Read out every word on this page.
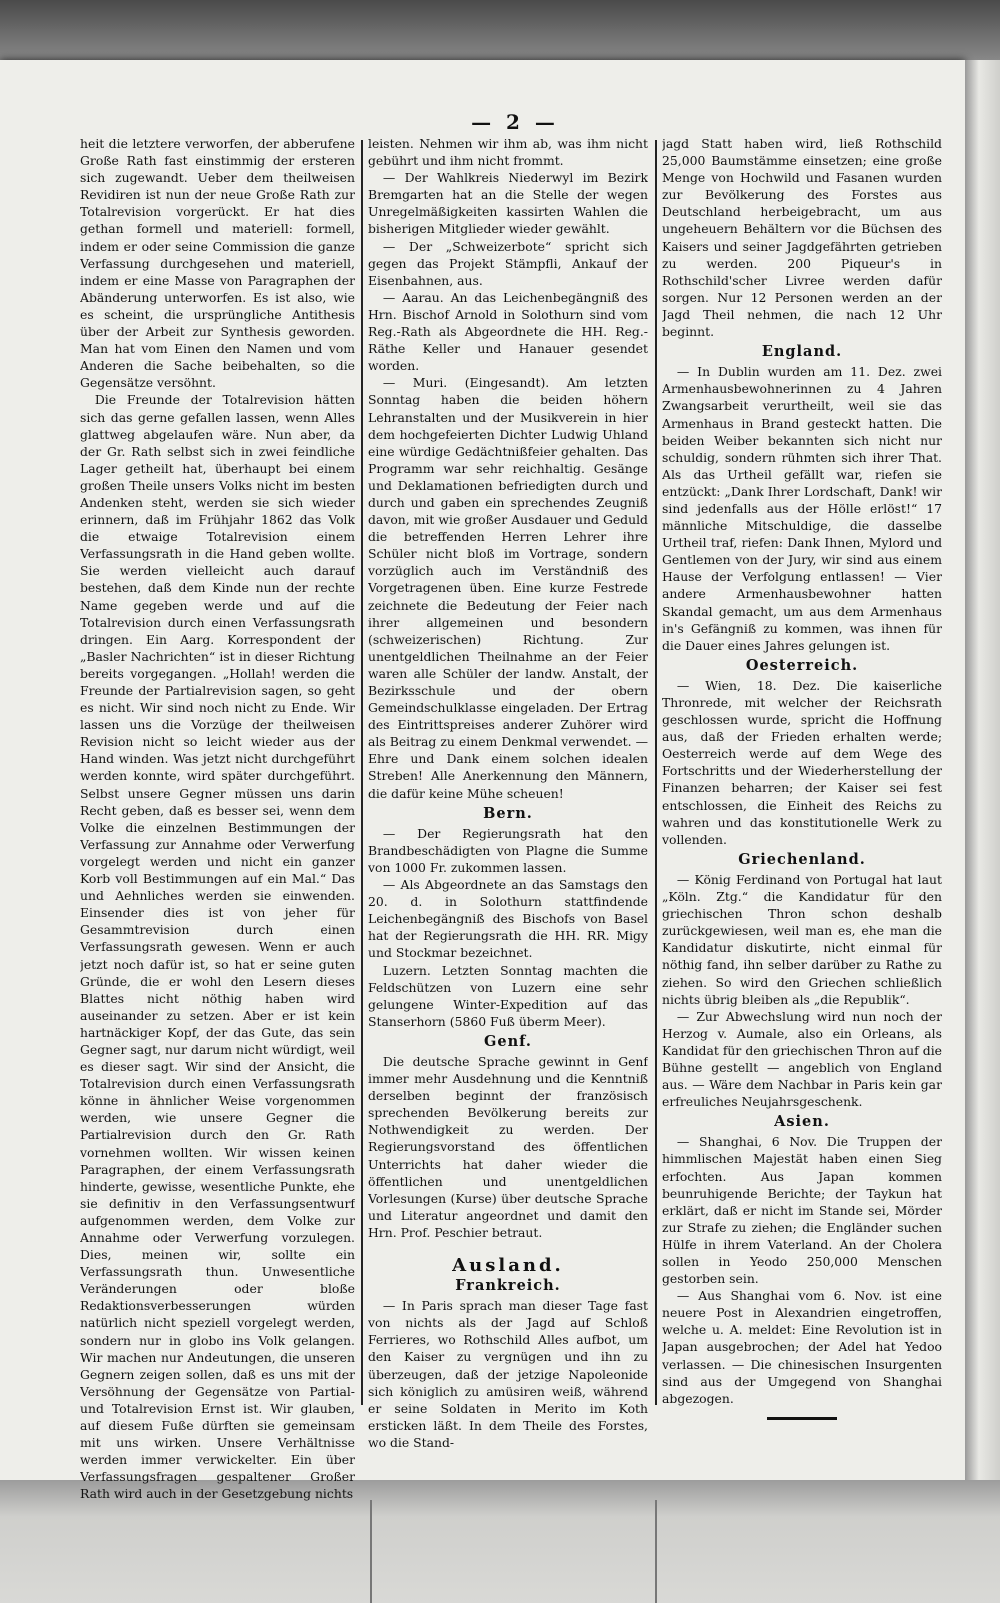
— 2 —

heit die letztere verworfen, der abberufene Große Rath fast einstimmig der ersteren sich zugewandt. Ueber dem theilweisen Revidiren ist nun der neue Große Rath zur Totalrevision vorgerückt. Er hat dies gethan formell und materiell: formell, indem er oder seine Commission die ganze Verfassung durchgesehen und materiell, indem er eine Masse von Paragraphen der Abänderung unterworfen. Es ist also, wie es scheint, die ursprüngliche Antithesis über der Arbeit zur Synthesis geworden. Man hat vom Einen den Namen und vom Anderen die Sache beibehalten, so die Gegensätze versöhnt.

Die Freunde der Totalrevision hätten sich das gerne gefallen lassen, wenn Alles glattweg abgelaufen wäre. Nun aber, da der Gr. Rath selbst sich in zwei feindliche Lager getheilt hat, überhaupt bei einem großen Theile unsers Volks nicht im besten Andenken steht, werden sie sich wieder erinnern, daß im Frühjahr 1862 das Volk die etwaige Totalrevision einem Verfassungsrath in die Hand geben wollte. Sie werden vielleicht auch darauf bestehen, daß dem Kinde nun der rechte Name gegeben werde und auf die Totalrevision durch einen Verfassungsrath dringen. Ein Aarg. Korrespondent der „Basler Nachrichten“ ist in dieser Richtung bereits vorgegangen. „Hollah! werden die Freunde der Partialrevision sagen, so geht es nicht. Wir sind noch nicht zu Ende. Wir lassen uns die Vorzüge der theilweisen Revision nicht so leicht wieder aus der Hand winden. Was jetzt nicht durchgeführt werden konnte, wird später durchgeführt. Selbst unsere Gegner müssen uns darin Recht geben, daß es besser sei, wenn dem Volke die einzelnen Bestimmungen der Verfassung zur Annahme oder Verwerfung vorgelegt werden und nicht ein ganzer Korb voll Bestimmungen auf ein Mal.“ Das und Aehnliches werden sie einwenden. Einsender dies ist von jeher für Gesammtrevision durch einen Verfassungsrath gewesen. Wenn er auch jetzt noch dafür ist, so hat er seine guten Gründe, die er wohl den Lesern dieses Blattes nicht nöthig haben wird auseinander zu setzen. Aber er ist kein hartnäckiger Kopf, der das Gute, das sein Gegner sagt, nur darum nicht würdigt, weil es dieser sagt. Wir sind der Ansicht, die Totalrevision durch einen Verfassungsrath könne in ähnlicher Weise vorgenommen werden, wie unsere Gegner die Partialrevision durch den Gr. Rath vornehmen wollten. Wir wissen keinen Paragraphen, der einem Verfassungsrath hinderte, gewisse, wesentliche Punkte, ehe sie definitiv in den Verfassungsentwurf aufgenommen werden, dem Volke zur Annahme oder Verwerfung vorzulegen. Dies, meinen wir, sollte ein Verfassungsrath thun. Unwesentliche Veränderungen oder bloße Redaktionsverbesserungen würden natürlich nicht speziell vorgelegt werden, sondern nur in globo ins Volk gelangen. Wir machen nur Andeutungen, die unseren Gegnern zeigen sollen, daß es uns mit der Versöhnung der Gegensätze von Partial- und Totalrevision Ernst ist. Wir glauben, auf diesem Fuße dürften sie gemeinsam mit uns wirken. Unsere Verhältnisse werden immer verwickelter. Ein über Verfassungsfragen gespaltener Großer Rath wird auch in der Gesetzgebung nichts

leisten. Nehmen wir ihm ab, was ihm nicht gebührt und ihm nicht frommt.

— Der Wahlkreis Niederwyl im Bezirk Bremgarten hat an die Stelle der wegen Unregelmäßigkeiten kassirten Wahlen die bisherigen Mitglieder wieder gewählt.

— Der „Schweizerbote“ spricht sich gegen das Projekt Stämpfli, Ankauf der Eisenbahnen, aus.

— Aarau. An das Leichenbegängniß des Hrn. Bischof Arnold in Solothurn sind vom Reg.-Rath als Abgeordnete die HH. Reg.-Räthe Keller und Hanauer gesendet worden.

— Muri. (Eingesandt). Am letzten Sonntag haben die beiden höhern Lehranstalten und der Musikverein in hier dem hochgefeierten Dichter Ludwig Uhland eine würdige Gedächtnißfeier gehalten. Das Programm war sehr reichhaltig. Gesänge und Deklamationen befriedigten durch und durch und gaben ein sprechendes Zeugniß davon, mit wie großer Ausdauer und Geduld die betreffenden Herren Lehrer ihre Schüler nicht bloß im Vortrage, sondern vorzüglich auch im Verständniß des Vorgetragenen üben. Eine kurze Festrede zeichnete die Bedeutung der Feier nach ihrer allgemeinen und besondern (schweizerischen) Richtung. Zur unentgeldlichen Theilnahme an der Feier waren alle Schüler der landw. Anstalt, der Bezirksschule und der obern Gemeindschulklasse eingeladen. Der Ertrag des Eintrittspreises anderer Zuhörer wird als Beitrag zu einem Denkmal verwendet. — Ehre und Dank einem solchen idealen Streben! Alle Anerkennung den Männern, die dafür keine Mühe scheuen!

Bern.

— Der Regierungsrath hat den Brandbeschädigten von Plagne die Summe von 1000 Fr. zukommen lassen.

— Als Abgeordnete an das Samstags den 20. d. in Solothurn stattfindende Leichenbegängniß des Bischofs von Basel hat der Regierungsrath die HH. RR. Migy und Stockmar bezeichnet.

Luzern. Letzten Sonntag machten die Feldschützen von Luzern eine sehr gelungene Winter-Expedition auf das Stanserhorn (5860 Fuß überm Meer).

Genf.

Die deutsche Sprache gewinnt in Genf immer mehr Ausdehnung und die Kenntniß derselben beginnt der französisch sprechenden Bevölkerung bereits zur Nothwendigkeit zu werden. Der Regierungsvorstand des öffentlichen Unterrichts hat daher wieder die öffentlichen und unentgeldlichen Vorlesungen (Kurse) über deutsche Sprache und Literatur angeordnet und damit den Hrn. Prof. Peschier betraut.

Ausland.
Frankreich.

— In Paris sprach man dieser Tage fast von nichts als der Jagd auf Schloß Ferrieres, wo Rothschild Alles aufbot, um den Kaiser zu vergnügen und ihn zu überzeugen, daß der jetzige Napoleonide sich königlich zu amüsiren weiß, während er seine Soldaten in Merito im Koth ersticken läßt. In dem Theile des Forstes, wo die Stand-

jagd Statt haben wird, ließ Rothschild 25,000 Baumstämme einsetzen; eine große Menge von Hochwild und Fasanen wurden zur Bevölkerung des Forstes aus Deutschland herbeigebracht, um aus ungeheuern Behältern vor die Büchsen des Kaisers und seiner Jagdgefährten getrieben zu werden. 200 Piqueur's in Rothschild'scher Livree werden dafür sorgen. Nur 12 Personen werden an der Jagd Theil nehmen, die nach 12 Uhr beginnt.

England.

— In Dublin wurden am 11. Dez. zwei Armenhausbewohnerinnen zu 4 Jahren Zwangsarbeit verurtheilt, weil sie das Armenhaus in Brand gesteckt hatten. Die beiden Weiber bekannten sich nicht nur schuldig, sondern rühmten sich ihrer That. Als das Urtheil gefällt war, riefen sie entzückt: „Dank Ihrer Lordschaft, Dank! wir sind jedenfalls aus der Hölle erlöst!“ 17 männliche Mitschuldige, die dasselbe Urtheil traf, riefen: Dank Ihnen, Mylord und Gentlemen von der Jury, wir sind aus einem Hause der Verfolgung entlassen! — Vier andere Armenhausbewohner hatten Skandal gemacht, um aus dem Armenhaus in's Gefängniß zu kommen, was ihnen für die Dauer eines Jahres gelungen ist.

Oesterreich.

— Wien, 18. Dez. Die kaiserliche Thronrede, mit welcher der Reichsrath geschlossen wurde, spricht die Hoffnung aus, daß der Frieden erhalten werde; Oesterreich werde auf dem Wege des Fortschritts und der Wiederherstellung der Finanzen beharren; der Kaiser sei fest entschlossen, die Einheit des Reichs zu wahren und das konstitutionelle Werk zu vollenden.

Griechenland.

— König Ferdinand von Portugal hat laut „Köln. Ztg.“ die Kandidatur für den griechischen Thron schon deshalb zurückgewiesen, weil man es, ehe man die Kandidatur diskutirte, nicht einmal für nöthig fand, ihn selber darüber zu Rathe zu ziehen. So wird den Griechen schließlich nichts übrig bleiben als „die Republik“.

— Zur Abwechslung wird nun noch der Herzog v. Aumale, also ein Orleans, als Kandidat für den griechischen Thron auf die Bühne gestellt — angeblich von England aus. — Wäre dem Nachbar in Paris kein gar erfreuliches Neujahrsgeschenk.

Asien.

— Shanghai, 6 Nov. Die Truppen der himmlischen Majestät haben einen Sieg erfochten. Aus Japan kommen beunruhigende Berichte; der Taykun hat erklärt, daß er nicht im Stande sei, Mörder zur Strafe zu ziehen; die Engländer suchen Hülfe in ihrem Vaterland. An der Cholera sollen in Yeodo 250,000 Menschen gestorben sein.

— Aus Shanghai vom 6. Nov. ist eine neuere Post in Alexandrien eingetroffen, welche u. A. meldet: Eine Revolution ist in Japan ausgebrochen; der Adel hat Yedoo verlassen. — Die chinesischen Insurgenten sind aus der Umgegend von Shanghai abgezogen.
